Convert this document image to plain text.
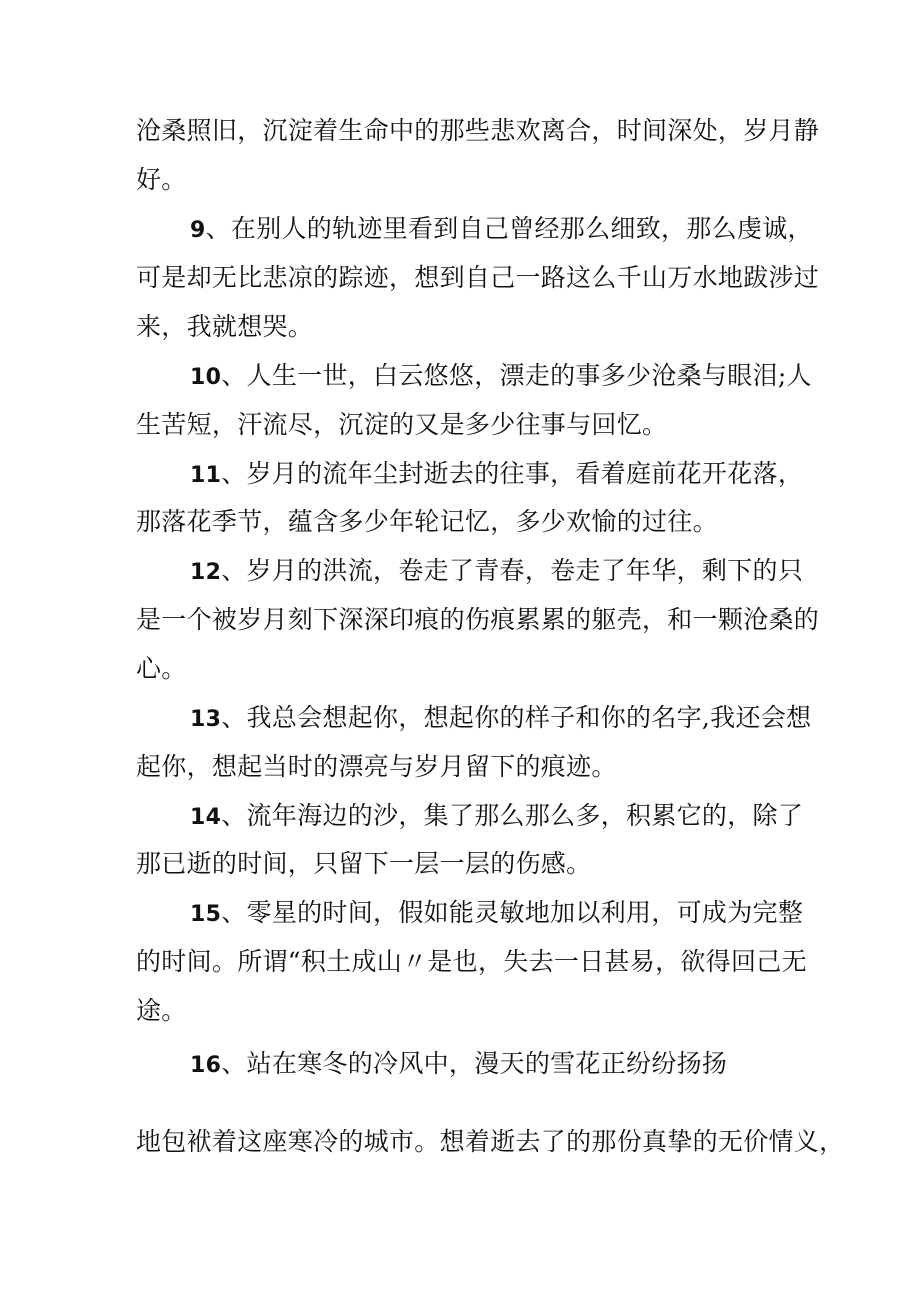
沧桑照旧，沉淀着生命中的那些悲欢离合，时间深处，岁月静

好。

9、在别人的轨迹里看到自己曾经那么细致，那么虔诚，

可是却无比悲凉的踪迹，想到自己一路这么千山万水地跋涉过

来，我就想哭。

10、人生一世，白云悠悠，漂走的事多少沧桑与眼泪;人

生苦短，汗流尽，沉淀的又是多少往事与回忆。

11、岁月的流年尘封逝去的往事，看着庭前花开花落，

那落花季节，蕴含多少年轮记忆，多少欢愉的过往。

12、岁月的洪流，卷走了青春，卷走了年华，剩下的只

是一个被岁月刻下深深印痕的伤痕累累的躯壳，和一颗沧桑的

心。

13、我总会想起你，想起你的样子和你的名字,我还会想

起你，想起当时的漂亮与岁月留下的痕迹。

14、流年海边的沙，集了那么那么多，积累它的，除了

那已逝的时间，只留下一层一层的伤感。

15、零星的时间，假如能灵敏地加以利用，可成为完整

的时间。所谓“积土成山〃是也，失去一日甚易，欲得回己无

途。

16、站在寒冬的冷风中，漫天的雪花正纷纷扬扬

地包袱着这座寒冷的城市。想着逝去了的那份真挚的无价情义，
